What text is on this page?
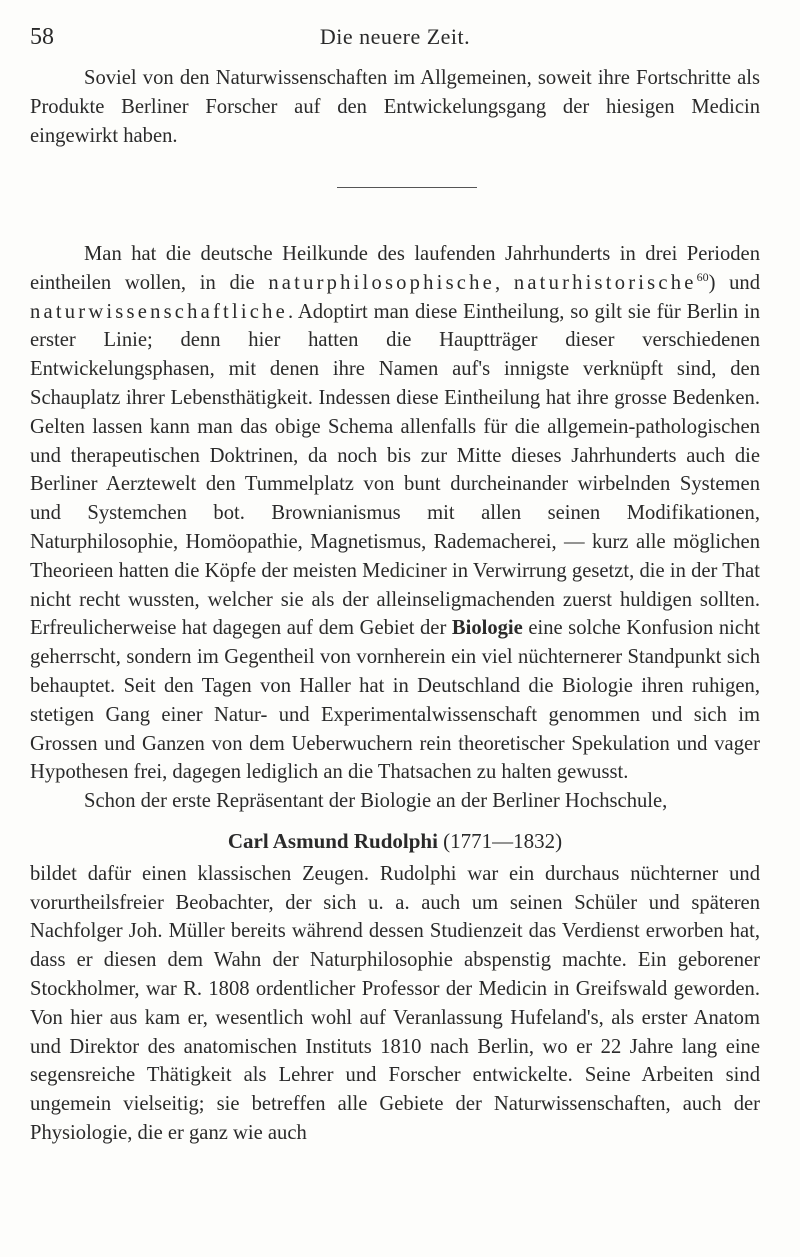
58	Die neuere Zeit.

Soviel von den Naturwissenschaften im Allgemeinen, soweit ihre Fortschritte als Produkte Berliner Forscher auf den Entwickelungsgang der hiesigen Medicin eingewirkt haben.

Man hat die deutsche Heilkunde des laufenden Jahrhunderts in drei Perioden eintheilen wollen, in die naturphilosophische, naturhistorische$^{60}$) und naturwissenschaftliche. Adoptirt man diese Eintheilung, so gilt sie für Berlin in erster Linie; denn hier hatten die Hauptträger dieser verschiedenen Entwickelungsphasen, mit denen ihre Namen auf's innigste verknüpft sind, den Schauplatz ihrer Lebensthätigkeit. Indessen diese Eintheilung hat ihre grosse Bedenken. Gelten lassen kann man das obige Schema allenfalls für die allgemein-pathologischen und therapeutischen Doktrinen, da noch bis zur Mitte dieses Jahrhunderts auch die Berliner Aerztewelt den Tummelplatz von bunt durcheinander wirbelnden Systemen und Systemchen bot. Brownianismus mit allen seinen Modifikationen, Naturphilosophie, Homöopathie, Magnetismus, Rademacherei, — kurz alle möglichen Theorieen hatten die Köpfe der meisten Mediciner in Verwirrung gesetzt, die in der That nicht recht wussten, welcher sie als der alleinseligmachenden zuerst huldigen sollten. Erfreulicherweise hat dagegen auf dem Gebiet der Biologie eine solche Konfusion nicht geherrscht, sondern im Gegentheil von vornherein ein viel nüchternerer Standpunkt sich behauptet. Seit den Tagen von Haller hat in Deutschland die Biologie ihren ruhigen, stetigen Gang einer Natur- und Experimentalwissenschaft genommen und sich im Grossen und Ganzen von dem Ueberwuchern rein theoretischer Spekulation und vager Hypothesen frei, dagegen lediglich an die Thatsachen zu halten gewusst.

Schon der erste Repräsentant der Biologie an der Berliner Hochschule,

Carl Asmund Rudolphi (1771—1832)

bildet dafür einen klassischen Zeugen. Rudolphi war ein durchaus nüchterner und vorurtheilsfreier Beobachter, der sich u. a. auch um seinen Schüler und späteren Nachfolger Joh. Müller bereits während dessen Studienzeit das Verdienst erworben hat, dass er diesen dem Wahn der Naturphilosophie abspenstig machte. Ein geborener Stockholmer, war R. 1808 ordentlicher Professor der Medicin in Greifswald geworden. Von hier aus kam er, wesentlich wohl auf Veranlassung Hufeland's, als erster Anatom und Direktor des anatomischen Instituts 1810 nach Berlin, wo er 22 Jahre lang eine segensreiche Thätigkeit als Lehrer und Forscher entwickelte. Seine Arbeiten sind ungemein vielseitig; sie betreffen alle Gebiete der Naturwissenschaften, auch der Physiologie, die er ganz wie auch
